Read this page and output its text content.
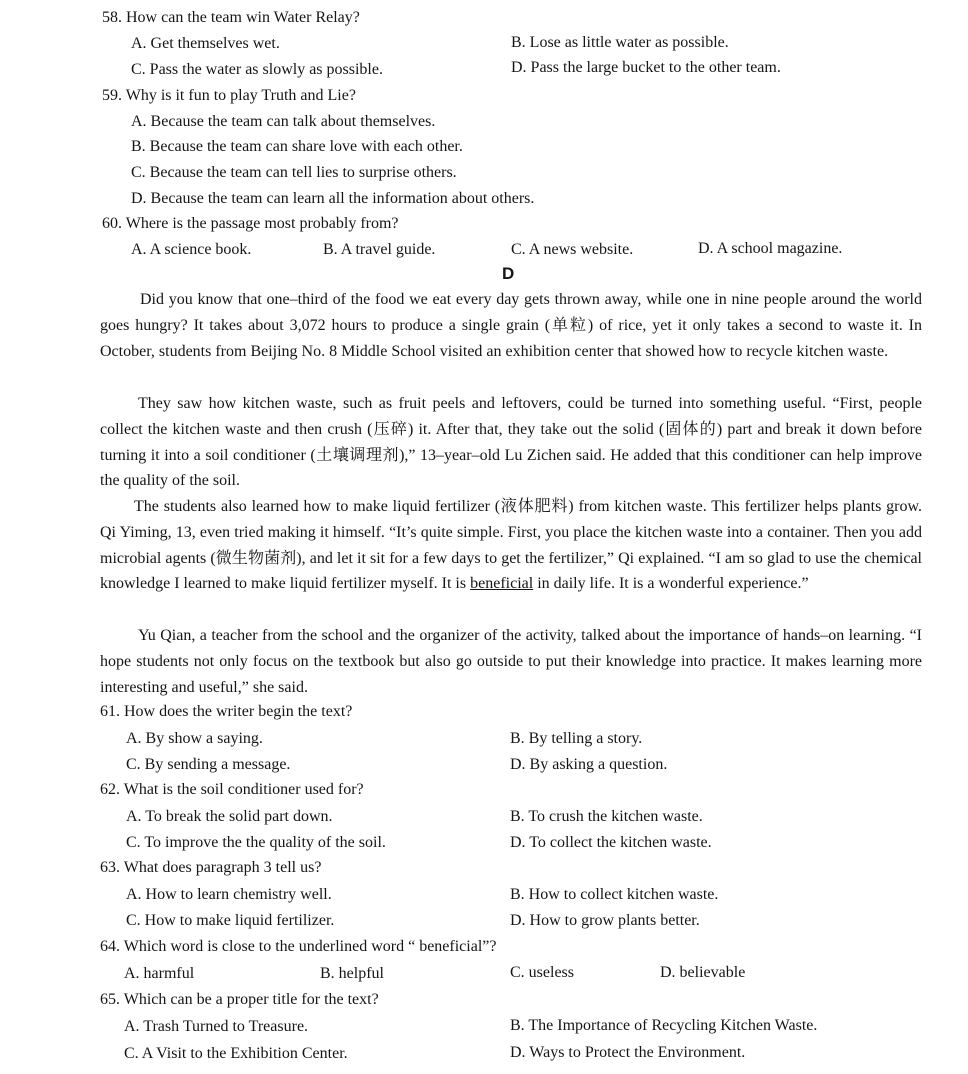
58. How can the team win Water Relay?
A. Get themselves wet.	B. Lose as little water as possible.
C. Pass the water as slowly as possible.	D. Pass the large bucket to the other team.
59. Why is it fun to play Truth and Lie?
A. Because the team can talk about themselves.
B. Because the team can share love with each other.
C. Because the team can tell lies to surprise others.
D. Because the team can learn all the information about others.
60. Where is the passage most probably from?
A. A science book.	B. A travel guide.	C. A news website.	D. A school magazine.
D
Did you know that one–third of the food we eat every day gets thrown away, while one in nine people around the world goes hungry? It takes about 3,072 hours to produce a single grain (单粒) of rice, yet it only takes a second to waste it. In October, students from Beijing No. 8 Middle School visited an exhibition center that showed how to recycle kitchen waste.
They saw how kitchen waste, such as fruit peels and leftovers, could be turned into something useful. “First, people collect the kitchen waste and then crush (压碎) it. After that, they take out the solid (固体的) part and break it down before turning it into a soil conditioner (土壤调理剂),” 13–year–old Lu Zichen said. He added that this conditioner can help improve the quality of the soil.
The students also learned how to make liquid fertilizer (液体肥料) from kitchen waste. This fertilizer helps plants grow. Qi Yiming, 13, even tried making it himself. “It’s quite simple. First, you place the kitchen waste into a container. Then you add microbial agents (微生物菌剂), and let it sit for a few days to get the fertilizer,” Qi explained. “I am so glad to use the chemical knowledge I learned to make liquid fertilizer myself. It is beneficial in daily life. It is a wonderful experience.”
Yu Qian, a teacher from the school and the organizer of the activity, talked about the importance of hands–on learning. “I hope students not only focus on the textbook but also go outside to put their knowledge into practice. It makes learning more interesting and useful,” she said.
61. How does the writer begin the text?
A. By show a saying.	B. By telling a story.
C. By sending a message.	D. By asking a question.
62. What is the soil conditioner used for?
A. To break the solid part down.	B. To crush the kitchen waste.
C. To improve the the quality of the soil.	D. To collect the kitchen waste.
63. What does paragraph 3 tell us?
A. How to learn chemistry well.	B. How to collect kitchen waste.
C. How to make liquid fertilizer.	D. How to grow plants better.
64. Which word is close to the underlined word “ beneficial”?
A. harmful	B. helpful	C. useless	D. believable
65. Which can be a proper title for the text?
A. Trash Turned to Treasure.	B. The Importance of Recycling Kitchen Waste.
C. A Visit to the Exhibition Center.	D. Ways to Protect the Environment.
